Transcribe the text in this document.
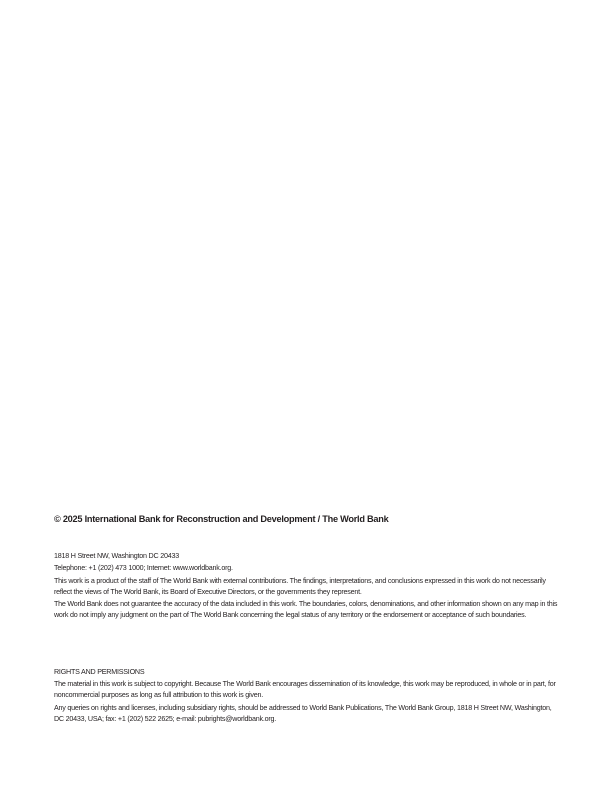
© 2025 International Bank for Reconstruction and Development / The World Bank

1818 H Street NW, Washington DC 20433

Telephone: +1 (202) 473 1000; Internet: www.worldbank.org.

This work is a product of the staff of The World Bank with external contributions. The findings, interpretations, and conclusions expressed in this work do not necessarily reflect the views of The World Bank, its Board of Executive Directors, or the governments they represent.

The World Bank does not guarantee the accuracy of the data included in this work. The boundaries, colors, denominations, and other information shown on any map in this work do not imply any judgment on the part of The World Bank concerning the legal status of any territory or the endorsement or acceptance of such boundaries.

RIGHTS AND PERMISSIONS

The material in this work is subject to copyright. Because The World Bank encourages dissemination of its knowledge, this work may be reproduced, in whole or in part, for noncommercial purposes as long as full attribution to this work is given.

Any queries on rights and licenses, including subsidiary rights, should be addressed to World Bank Publications, The World Bank Group, 1818 H Street NW, Washington, DC 20433, USA; fax: +1 (202) 522 2625; e-mail: pubrights@worldbank.org.
